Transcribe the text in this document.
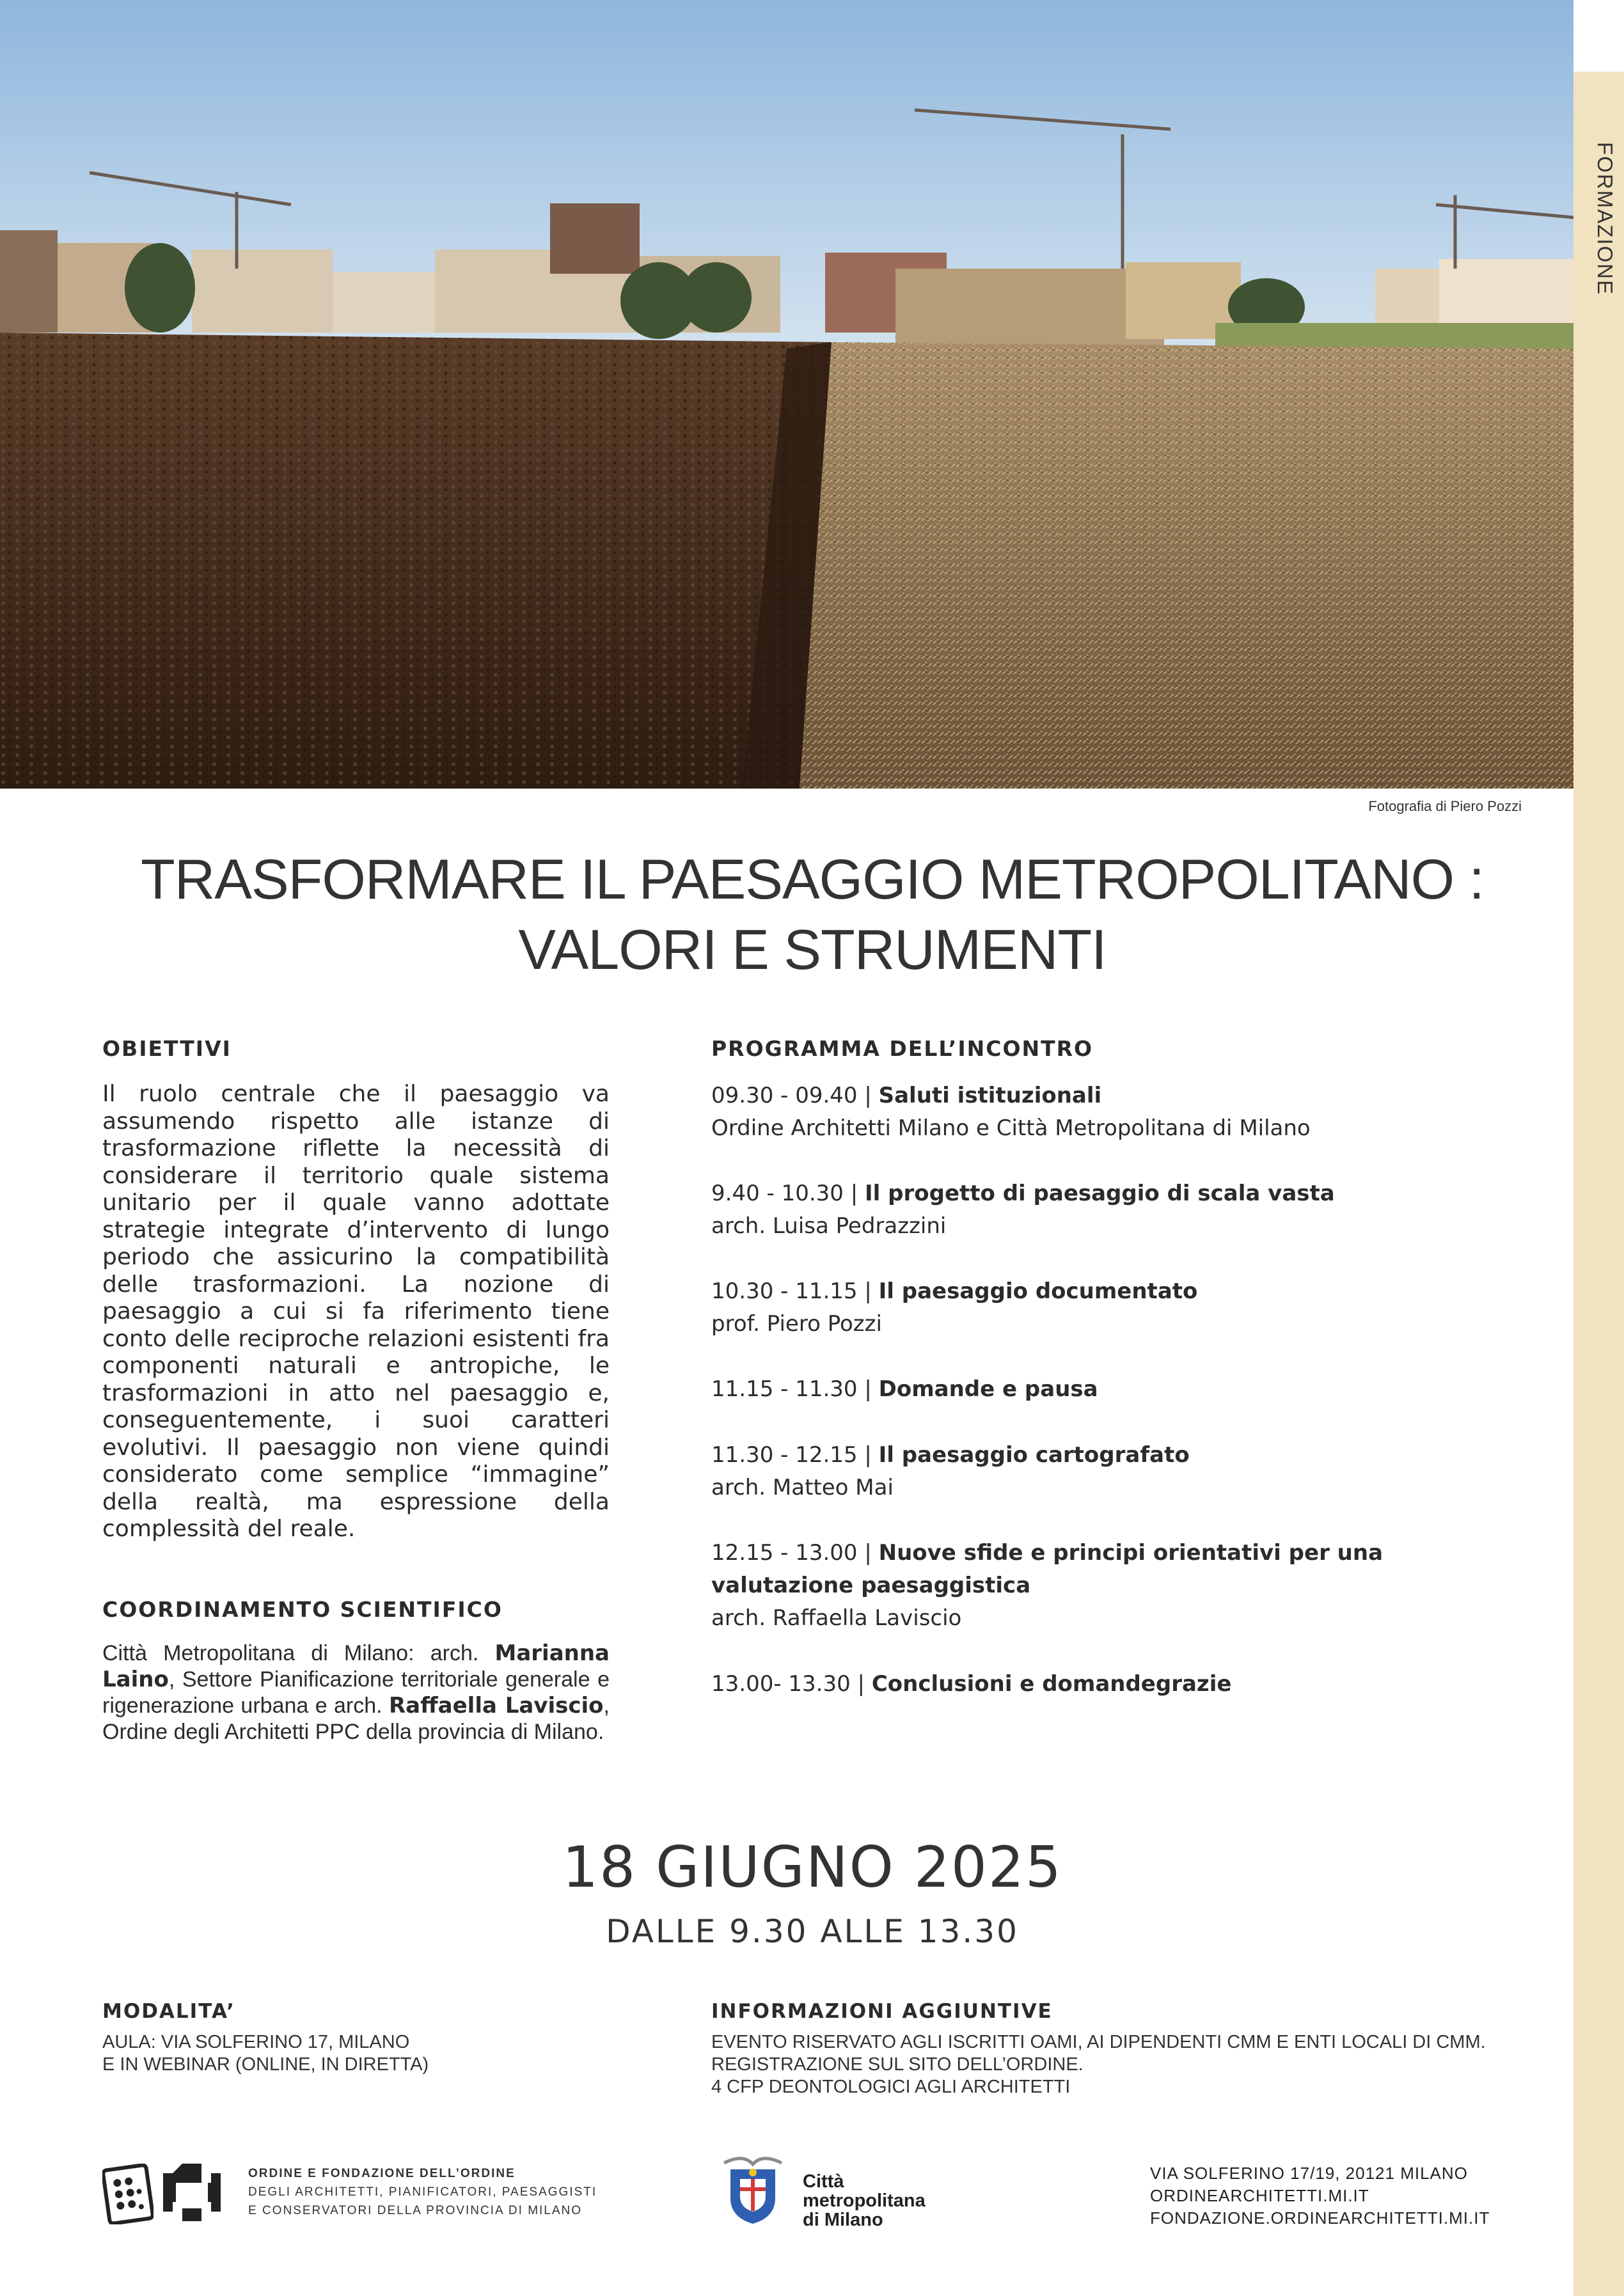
FORMAZIONE
Fotografia di Piero Pozzi
TRASFORMARE IL PAESAGGIO METROPOLITANO :
VALORI E STRUMENTI
OBIETTIVI
Il ruolo centrale che il paesaggio va assumendo rispetto alle istanze di trasformazione riflette la necessità di considerare il territorio quale sistema unitario per il quale vanno adottate strategie integrate d’intervento di lungo periodo che assicurino la compatibilità delle trasformazioni. La nozione di paesaggio a cui si fa riferimento tiene conto delle reciproche relazioni esistenti fra componenti naturali e antropiche, le trasformazioni in atto nel paesaggio e, conseguentemente, i suoi caratteri evolutivi. Il paesaggio non viene quindi considerato come semplice “immagine” della realtà, ma espressione della complessità del reale.
COORDINAMENTO SCIENTIFICO
Città Metropolitana di Milano: arch. Marianna Laino, Settore Pianificazione territoriale generale e rigenerazione urbana e arch. Raffaella Laviscio, Ordine degli Architetti PPC della provincia di Milano.
PROGRAMMA DELL’INCONTRO
09.30 - 09.40 | Saluti istituzionali
Ordine Architetti Milano e Città Metropolitana di Milano
9.40 - 10.30 | Il progetto di paesaggio di scala vasta
arch. Luisa Pedrazzini
10.30 - 11.15 | Il paesaggio documentato
prof. Piero Pozzi
11.15 - 11.30 | Domande e pausa
11.30 - 12.15 | Il paesaggio cartografato
arch. Matteo Mai
12.15 - 13.00 | Nuove sfide e principi orientativi per una valutazione paesaggistica
arch. Raffaella Laviscio
13.00- 13.30 | Conclusioni e domandegrazie
18 GIUGNO 2025
DALLE 9.30 ALLE 13.30
MODALITA’
AULA: VIA SOLFERINO 17, MILANO
E IN WEBINAR (ONLINE, IN DIRETTA)
INFORMAZIONI AGGIUNTIVE
EVENTO RISERVATO AGLI ISCRITTI OAMI, AI DIPENDENTI CMM E ENTI LOCALI DI CMM.
REGISTRAZIONE SUL SITO DELL’ORDINE.
4 CFP DEONTOLOGICI AGLI ARCHITETTI
ORDINE E FONDAZIONE DELL’ORDINE
DEGLI ARCHITETTI, PIANIFICATORI, PAESAGGISTI
E CONSERVATORI DELLA PROVINCIA DI MILANO
Città
metropolitana
di Milano
VIA SOLFERINO 17/19, 20121 MILANO
ORDINEARCHITETTI.MI.IT
FONDAZIONE.ORDINEARCHITETTI.MI.IT
